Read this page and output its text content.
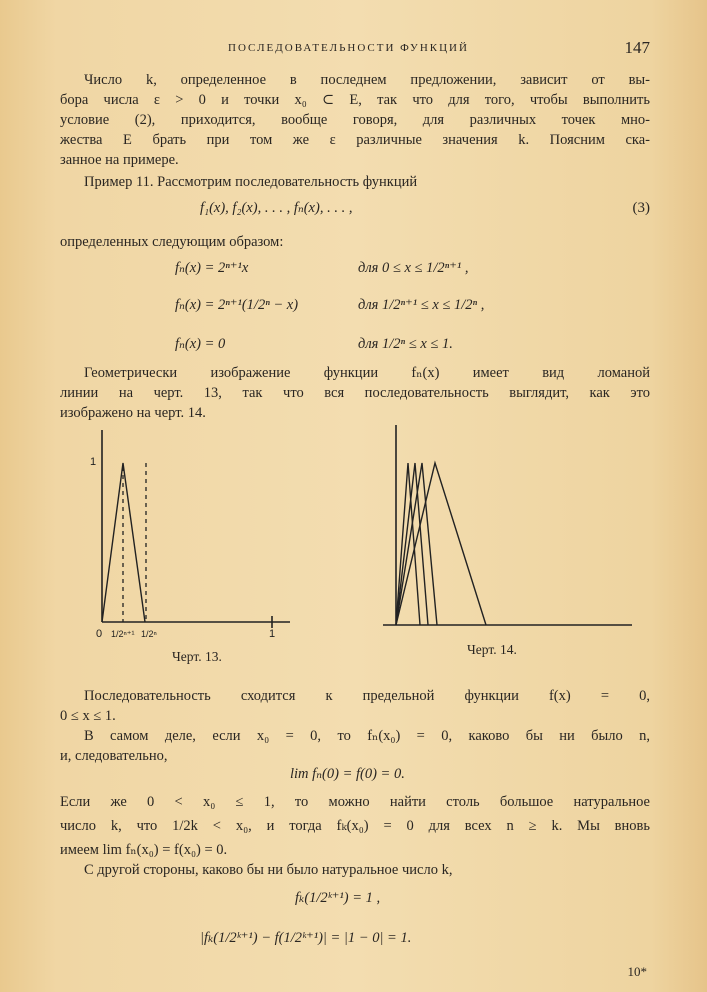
ПОСЛЕДОВАТЕЛЬНОСТИ ФУНКЦИЙ	147
Число k, определенное в последнем предложении, зависит от вы-
бора числа ε > 0 и точки x₀ ⊂ E, так что для того, чтобы выполнить
условие (2), приходится, вообще говоря, для различных точек мно-
жества E брать при том же ε различные значения k. Поясним ска-
занное на примере.
Пример 11. Рассмотрим последовательность функций
f₁(x), f₂(x), . . . , fₙ(x), . . . ,	(3)
определенных следующим образом:
fₙ(x) = 2ⁿ⁺¹x	для 0 ≤ x ≤ 1/2ⁿ⁺¹ ,
fₙ(x) = 2ⁿ⁺¹(1/2ⁿ − x)	для 1/2ⁿ⁺¹ ≤ x ≤ 1/2ⁿ ,
fₙ(x) = 0	для 1/2ⁿ ≤ x ≤ 1.
Геометрически изображение функции fₙ(x) имеет вид ломаной
линии на черт. 13, так что вся последовательность выглядит, как это
изображено на черт. 14.
1
0 1/2ⁿ⁺¹ 1/2ⁿ	1
Черт. 13.	Черт. 14.
Последовательность сходится к предельной функции f(x) = 0,
0 ≤ x ≤ 1.
В самом деле, если x₀ = 0, то fₙ(x₀) = 0, каково бы ни было n,
и, следовательно,
lim fₙ(0) = f(0) = 0.
Если же 0 < x₀ ≤ 1, то можно найти столь большое натуральное
число k, что 1/2k < x₀, и тогда fₖ(x₀) = 0 для всех n ≥ k. Мы вновь
имеем lim fₙ(x₀) = f(x₀) = 0.
С другой стороны, каково бы ни было натуральное число k,
fₖ(1/2ᵏ⁺¹) = 1 ,
|fₖ(1/2ᵏ⁺¹) − f(1/2ᵏ⁺¹)| = |1 − 0| = 1.
10*
